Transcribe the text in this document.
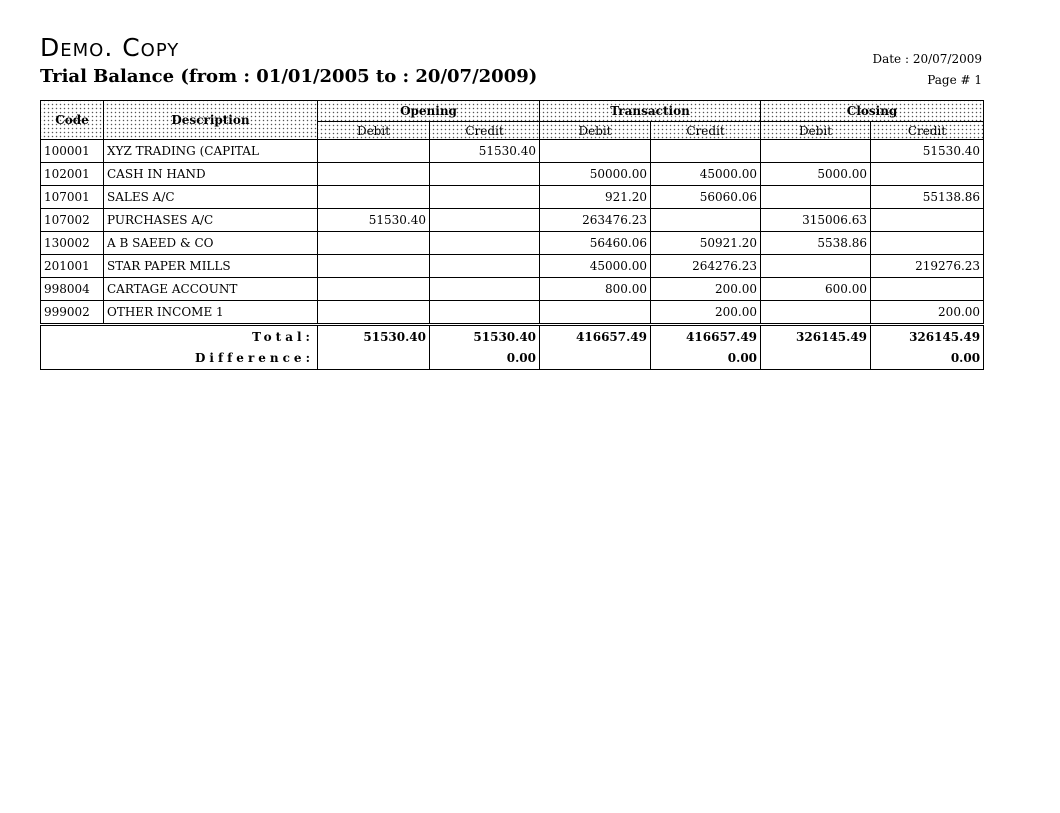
Demo. Copy
Trial Balance (from : 01/01/2005 to : 20/07/2009)
Date : 20/07/2009
Page # 1
Code	Description	Opening		Transaction		Closing	
		Debit	Credit	Debit	Credit	Debit	Credit
100001	XYZ TRADING (CAPITAL		51530.40				51530.40
102001	CASH IN HAND			50000.00	45000.00	5000.00	
107001	SALES A/C			921.20	56060.06		55138.86
107002	PURCHASES A/C	51530.40		263476.23		315006.63	
130002	A B SAEED & CO			56460.06	50921.20	5538.86	
201001	STAR PAPER MILLS			45000.00	264276.23		219276.23
998004	CARTAGE ACCOUNT			800.00	200.00	600.00	
999002	OTHER INCOME 1				200.00		200.00
Total:		51530.40	51530.40	416657.49	416657.49	326145.49	326145.49
Difference:			0.00		0.00		0.00
